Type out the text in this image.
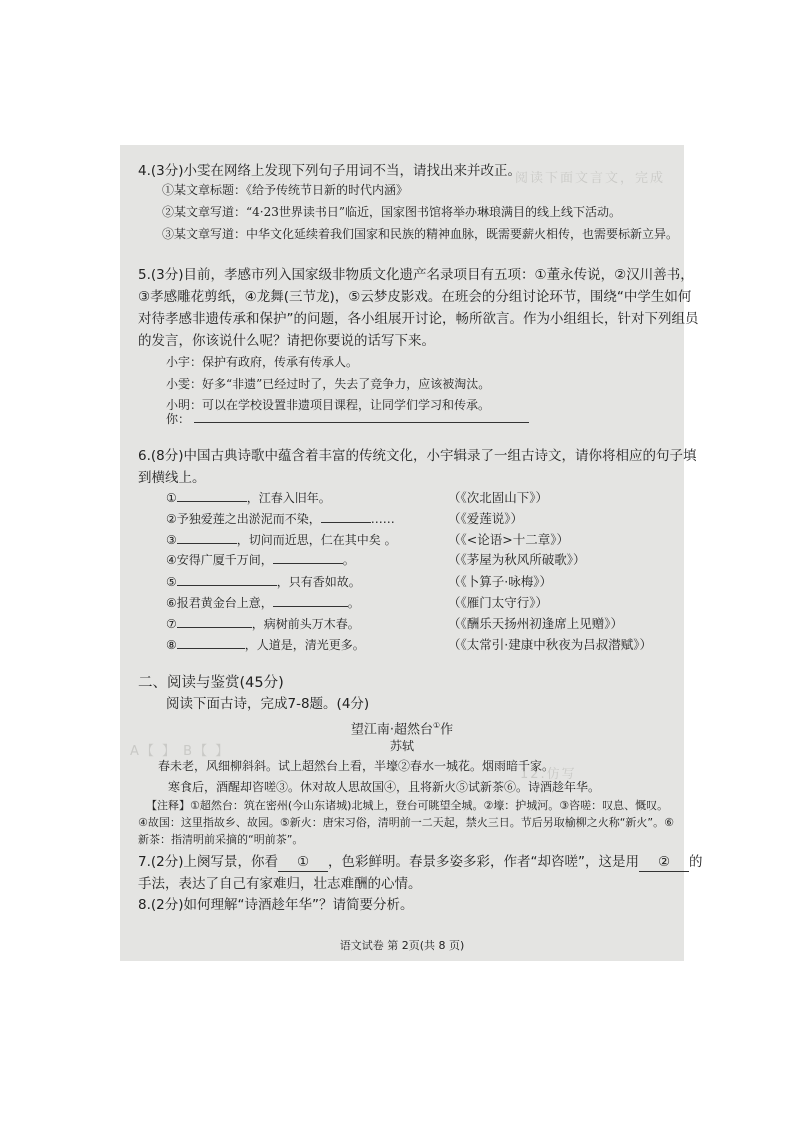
阅读下面文言文，完成
A【 】 B【 】
12.仿写
4.(3分)小雯在网络上发现下列句子用词不当，请找出来并改正。
①某文章标题：《给予传统节日新的时代内涵》
②某文章写道：“4·23世界读书日”临近，国家图书馆将举办琳琅满目的线上线下活动。
③某文章写道：中华文化延续着我们国家和民族的精神血脉，既需要薪火相传，也需要标新立异。
5.(3分)目前，孝感市列入国家级非物质文化遗产名录项目有五项：①董永传说，②汉川善书，
③孝感雕花剪纸，④龙舞(三节龙)，⑤云梦皮影戏。在班会的分组讨论环节，围绕“中学生如何
对待孝感非遗传承和保护”的问题，各小组展开讨论，畅所欲言。作为小组组长，针对下列组员
的发言，你该说什么呢？请把你要说的话写下来。
小宇：保护有政府，传承有传承人。
小雯：好多“非遗”已经过时了，失去了竞争力，应该被淘汰。
小明：可以在学校设置非遗项目课程，让同学们学习和传承。
你：
6.(8分)中国古典诗歌中蕴含着丰富的传统文化，小宇辑录了一组古诗文，请你将相应的句子填
到横线上。
①	，江春入旧年。	（《次北固山下》）
②予独爱莲之出淤泥而不染，	……	（《爱莲说》）
③	，切问而近思，仁在其中矣 。	（《<论语>十二章》）
④安得广厦千万间，	。	（《茅屋为秋风所破歌》）
⑤	，只有香如故。	（《卜算子·咏梅》）
⑥报君黄金台上意，	。	（《雁门太守行》）
⑦	，病树前头万木春。	（《酬乐天扬州初逢席上见赠》）
⑧	，人道是，清光更多。	（《太常引·建康中秋夜为吕叔潜赋》）
二、阅读与鉴赏(45分)
阅读下面古诗，完成7-8题。(4分)
望江南·超然台①作
苏轼
春未老，风细柳斜斜。试上超然台上看，半壕②春水一城花。烟雨暗千家。
寒食后，酒醒却咨嗟③。休对故人思故国④，且将新火⑤试新茶⑥。诗酒趁年华。
【注释】①超然台：筑在密州(今山东诸城)北城上，登台可眺望全城。②壕：护城河。③咨嗟：叹息、慨叹。
④故国：这里指故乡、故园。⑤新火：唐宋习俗，清明前一二天起，禁火三日。节后另取榆柳之火称“新火”。⑥
新茶：指清明前采摘的“明前茶”。
7.(2分)上阕写景，你看 ① ，色彩鲜明。春景多姿多彩，作者“却咨嗟”，这是用 ② 的
手法，表达了自己有家难归，壮志难酬的心情。
8.(2分)如何理解“诗酒趁年华”？请简要分析。
语文试卷 第 2页(共 8 页)
